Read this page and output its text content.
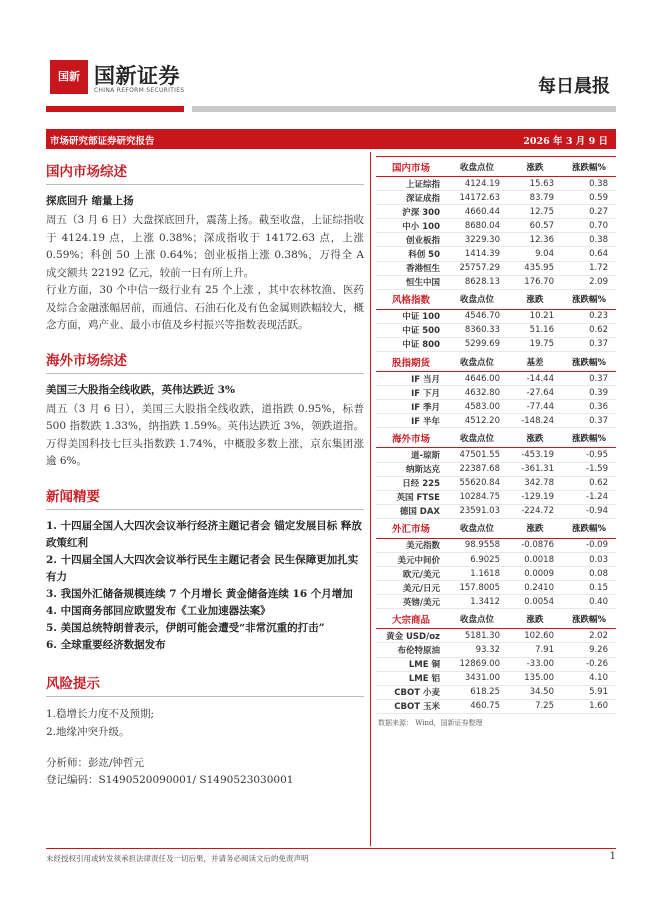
国新 国新证券
CHINA REFORM SECURITIES	每日晨报
市场研究部证券研究报告	2026 年 3 月 9 日
国内市场综述
探底回升 缩量上扬

周五（3 月 6 日）大盘探底回升，震荡上扬。截至收盘，上证综指收于 4124.19 点，上涨 0.38%；深成指收于 14172.63 点，上涨 0.59%；科创 50 上涨 0.64%；创业板指上涨 0.38%，万得全 A 成交额共 22192 亿元，较前一日有所上升。

行业方面，30 个中信一级行业有 25 个上涨 ，其中农林牧渔、医药及综合金融涨幅居前，而通信、石油石化及有色金属则跌幅较大，概念方面，鸡产业、最小市值及乡村振兴等指数表现活跃。

海外市场综述
美国三大股指全线收跌，英伟达跌近 3%

周五（3 月 6 日），美国三大股指全线收跌，道指跌 0.95%，标普 500 指数跌 1.33%，纳指跌 1.59%。英伟达跌近 3%，领跌道指。万得美国科技七巨头指数跌 1.74%，中概股多数上涨，京东集团涨逾 6%。

新闻精要
1. 十四届全国人大四次会议举行经济主题记者会 锚定发展目标 释放政策红利
2. 十四届全国人大四次会议举行民生主题记者会 民生保障更加扎实有力
3. 我国外汇储备规模连续 7 个月增长 黄金储备连续 16 个月增加
4. 中国商务部回应欧盟发布《工业加速器法案》
5. 美国总统特朗普表示，伊朗可能会遭受“非常沉重的打击”
6. 全球重要经济数据发布
风险提示
1.稳增长力度不及预期;
2.地缘冲突升级。

分析师：彭竑/钟哲元

登记编码：S1490520090001/ S1490523030001

国内市场	收盘点位	涨跌	涨跌幅%
上证综指	4124.19	15.63	0.38
深证成指	14172.63	83.79	0.59
沪深 300	4660.44	12.75	0.27
中小 100	8680.04	60.57	0.70
创业板指	3229.30	12.36	0.38
科创 50	1414.39	9.04	0.64
香港恒生	25757.29	435.95	1.72
恒生中国	8628.13	176.70	2.09
风格指数	收盘点位	涨跌	涨跌幅%
中证 100	4546.70	10.21	0.23
中证 500	8360.33	51.16	0.62
中证 800	5299.69	19.75	0.37
股指期货	收盘点位	基差	涨跌幅%
IF 当月	4646.00	-14.44	0.37
IF 下月	4632.80	-27.64	0.39
IF 季月	4583.00	-77.44	0.36
IF 半年	4512.20	-148.24	0.37
海外市场	收盘点位	涨跌	涨跌幅%
道-琼斯	47501.55	-453.19	-0.95
纳斯达克	22387.68	-361.31	-1.59
日经 225	55620.84	342.78	0.62
英国 FTSE	10284.75	-129.19	-1.24
德国 DAX	23591.03	-224.72	-0.94
外汇市场	收盘点位	涨跌	涨跌幅%
美元指数	98.9558	-0.0876	-0.09
美元中间价	6.9025	0.0018	0.03
欧元/美元	1.1618	0.0009	0.08
美元/日元	157.8005	0.2410	0.15
英镑/美元	1.3412	0.0054	0.40
大宗商品	收盘点位	涨跌	涨跌幅%
黄金 USD/oz	5181.30	102.60	2.02
布伦特原油	93.32	7.91	9.26
LME 铜	12869.00	-33.00	-0.26
LME 铝	3431.00	135.00	4.10
CBOT 小麦	618.25	34.50	5.91
CBOT 玉米	460.75	7.25	1.60
数据来源： Wind，国新证券整理
未经授权引用或转发须承担法律责任及一切后果，并请务必阅读文后的免责声明	1
